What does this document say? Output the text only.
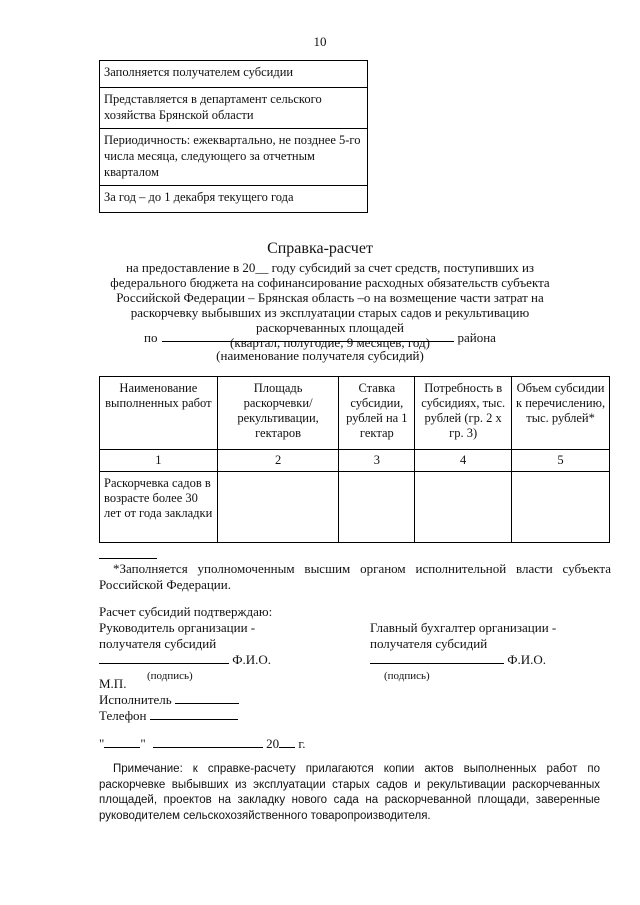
10
Заполняется получателем субсидии
Представляется в департамент сельского хозяйства Брянской области
Периодичность: ежеквартально, не позднее 5-го числа месяца, следующего за отчетным кварталом
За год – до 1 декабря текущего года
Справка-расчет
на предоставление в 20__ году субсидий за счет средств, поступивших из федерального бюджета на софинансирование расходных обязательств субъекта Российской Федерации – Брянская область –о на возмещение части затрат на раскорчевку выбывших из эксплуатации старых садов и рекультивацию раскорчеванных площадей
(квартал, полугодие, 9 месяцев, год)
по	района
(наименование получателя субсидий)
Наименование выполненных работ	Площадь раскорчевки/ рекультивации, гектаров	Ставка субсидии, рублей на 1 гектар	Потребность в субсидиях, тыс. рублей (гр. 2 х гр. 3)	Объем субсидии к перечислению, тыс. рублей*
1	2	3	4	5
Раскорчевка садов в возрасте более 30 лет от года закладки				
*Заполняется уполномоченным высшим органом исполнительной власти субъекта Российской Федерации.
Расчет субсидий подтверждаю:
Руководитель организации - получателя субсидий
Ф.И.О.
(подпись)
Главный бухгалтер организации - получателя субсидий
Ф.И.О.
(подпись)
М.П.
Исполнитель
Телефон
"	"	20 г.
Примечание: к справке-расчету прилагаются копии актов выполненных работ по раскорчевке выбывших из эксплуатации старых садов и рекультивации раскорчеванных площадей, проектов на закладку нового сада на раскорчеванной площади, заверенные руководителем сельскохозяйственного товаропроизводителя.
